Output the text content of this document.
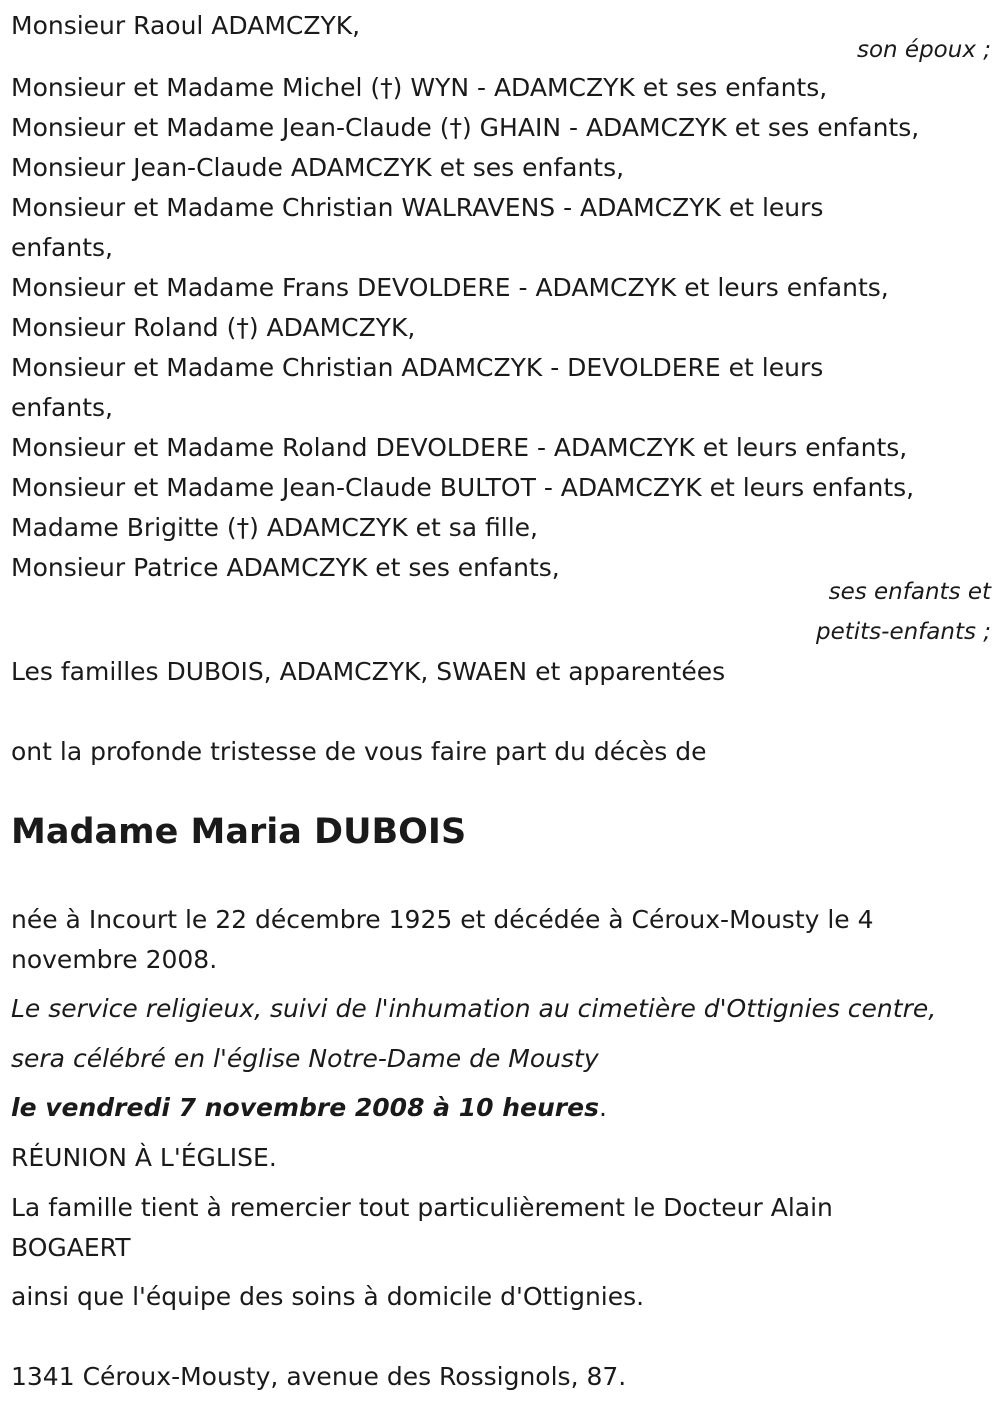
Monsieur Raoul ADAMCZYK,
son époux ;
Monsieur et Madame Michel (†) WYN - ADAMCZYK et ses enfants,
Monsieur et Madame Jean-Claude (†) GHAIN - ADAMCZYK et ses enfants,
Monsieur Jean-Claude ADAMCZYK et ses enfants,
Monsieur et Madame Christian WALRAVENS - ADAMCZYK et leurs
enfants,
Monsieur et Madame Frans DEVOLDERE - ADAMCZYK et leurs enfants,
Monsieur Roland (†) ADAMCZYK,
Monsieur et Madame Christian ADAMCZYK - DEVOLDERE et leurs
enfants,
Monsieur et Madame Roland DEVOLDERE - ADAMCZYK et leurs enfants,
Monsieur et Madame Jean-Claude BULTOT - ADAMCZYK et leurs enfants,
Madame Brigitte (†) ADAMCZYK et sa fille,
Monsieur Patrice ADAMCZYK et ses enfants,
ses enfants et
petits-enfants ;
Les familles DUBOIS, ADAMCZYK, SWAEN et apparentées
ont la profonde tristesse de vous faire part du décès de
Madame Maria DUBOIS
née à Incourt le 22 décembre 1925 et décédée à Céroux-Mousty le 4
novembre 2008.
Le service religieux, suivi de l'inhumation au cimetière d'Ottignies centre,
sera célébré en l'église Notre-Dame de Mousty
le vendredi 7 novembre 2008 à 10 heures.
RÉUNION À L'ÉGLISE.
La famille tient à remercier tout particulièrement le Docteur Alain
BOGAERT
ainsi que l'équipe des soins à domicile d'Ottignies.
1341 Céroux-Mousty, avenue des Rossignols, 87.
